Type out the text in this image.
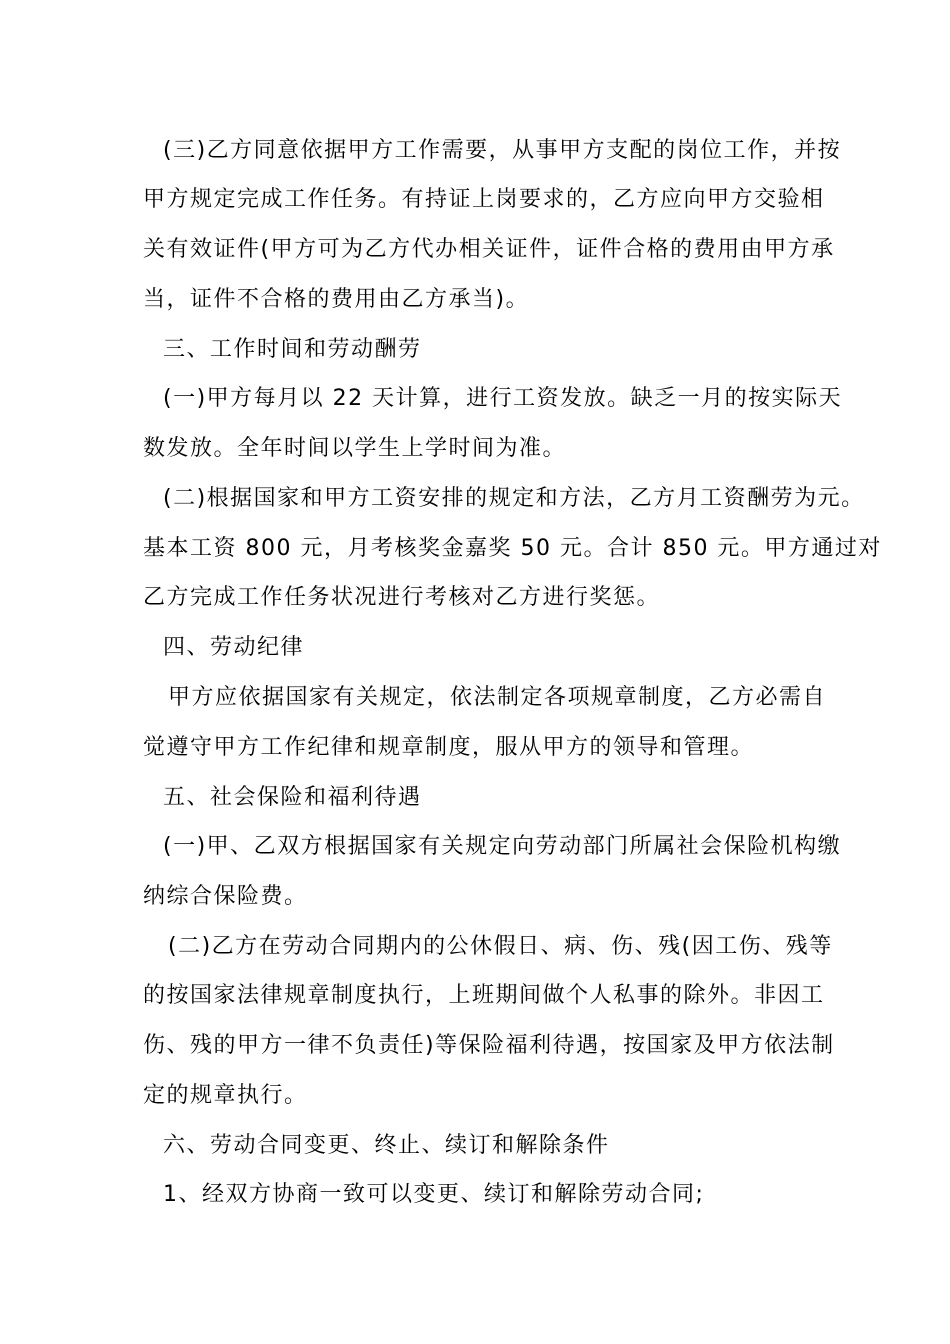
(三)乙方同意依据甲方工作需要，从事甲方支配的岗位工作，并按
甲方规定完成工作任务。有持证上岗要求的，乙方应向甲方交验相
关有效证件(甲方可为乙方代办相关证件，证件合格的费用由甲方承
当，证件不合格的费用由乙方承当)。
三、工作时间和劳动酬劳
(一)甲方每月以 22 天计算，进行工资发放。缺乏一月的按实际天
数发放。全年时间以学生上学时间为准。
(二)根据国家和甲方工资安排的规定和方法，乙方月工资酬劳为元。
基本工资 800 元，月考核奖金嘉奖 50 元。合计 850 元。甲方通过对
乙方完成工作任务状况进行考核对乙方进行奖惩。
四、劳动纪律
甲方应依据国家有关规定，依法制定各项规章制度，乙方必需自
觉遵守甲方工作纪律和规章制度，服从甲方的领导和管理。
五、社会保险和福利待遇
(一)甲、乙双方根据国家有关规定向劳动部门所属社会保险机构缴
纳综合保险费。
(二)乙方在劳动合同期内的公休假日、病、伤、残(因工伤、残等
的按国家法律规章制度执行，上班期间做个人私事的除外。非因工
伤、残的甲方一律不负责任)等保险福利待遇，按国家及甲方依法制
定的规章执行。
六、劳动合同变更、终止、续订和解除条件
1、经双方协商一致可以变更、续订和解除劳动合同;
